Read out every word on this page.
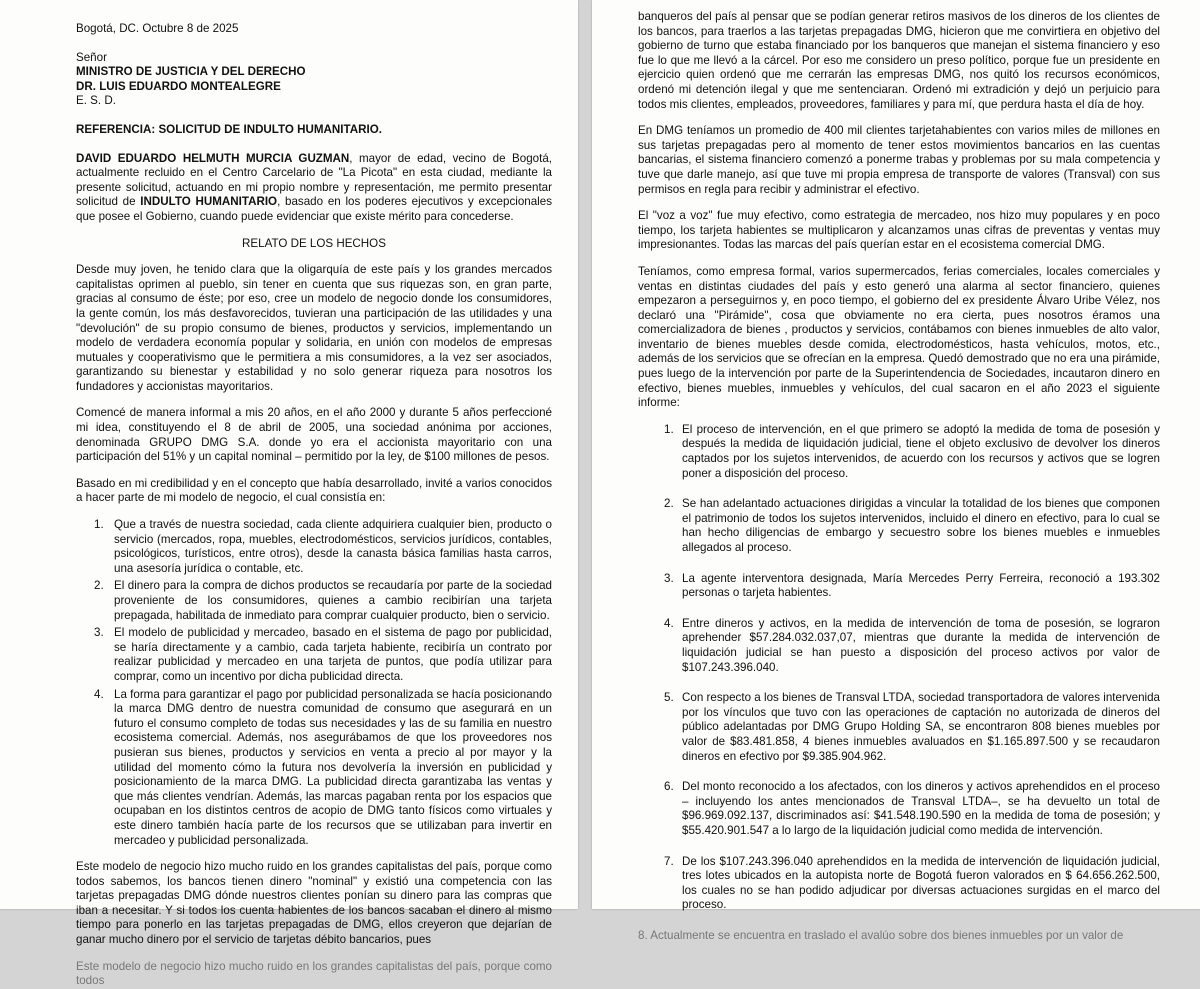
Bogotá, DC. Octubre 8 de 2025
Señor
MINISTRO DE JUSTICIA Y DEL DERECHO
DR. LUIS EDUARDO MONTEALEGRE
E. S. D.
REFERENCIA: SOLICITUD DE INDULTO HUMANITARIO.

DAVID EDUARDO HELMUTH MURCIA GUZMAN, mayor de edad, vecino de Bogotá, actualmente recluido en el Centro Carcelario de "La Picota" en esta ciudad, mediante la presente solicitud, actuando en mi propio nombre y representación, me permito presentar solicitud de INDULTO HUMANITARIO, basado en los poderes ejecutivos y excepcionales que posee el Gobierno, cuando puede evidenciar que existe mérito para concederse.

RELATO DE LOS HECHOS

Desde muy joven, he tenido clara que la oligarquía de este país y los grandes mercados capitalistas oprimen al pueblo, sin tener en cuenta que sus riquezas son, en gran parte, gracias al consumo de éste; por eso, cree un modelo de negocio donde los consumidores, la gente común, los más desfavorecidos, tuvieran una participación de las utilidades y una "devolución" de su propio consumo de bienes, productos y servicios, implementando un modelo de verdadera economía popular y solidaria, en unión con modelos de empresas mutuales y cooperativismo que le permitiera a mis consumidores, a la vez ser asociados, garantizando su bienestar y estabilidad y no solo generar riqueza para nosotros los fundadores y accionistas mayoritarios.

Comencé de manera informal a mis 20 años, en el año 2000 y durante 5 años perfeccioné mi idea, constituyendo el 8 de abril de 2005, una sociedad anónima por acciones, denominada GRUPO DMG S.A. donde yo era el accionista mayoritario con una participación del 51% y un capital nominal – permitido por la ley, de $100 millones de pesos.

Basado en mi credibilidad y en el concepto que había desarrollado, invité a varios conocidos a hacer parte de mi modelo de negocio, el cual consistía en:

1. Que a través de nuestra sociedad, cada cliente adquiriera cualquier bien, producto o servicio (mercados, ropa, muebles, electrodomésticos, servicios jurídicos, contables, psicológicos, turísticos, entre otros), desde la canasta básica familias hasta carros, una asesoría jurídica o contable, etc.
2. El dinero para la compra de dichos productos se recaudaría por parte de la sociedad proveniente de los consumidores, quienes a cambio recibirían una tarjeta prepagada, habilitada de inmediato para comprar cualquier producto, bien o servicio.
3. El modelo de publicidad y mercadeo, basado en el sistema de pago por publicidad, se haría directamente y a cambio, cada tarjeta habiente, recibiría un contrato por realizar publicidad y mercadeo en una tarjeta de puntos, que podía utilizar para comprar, como un incentivo por dicha publicidad directa.
4. La forma para garantizar el pago por publicidad personalizada se hacía posicionando la marca DMG dentro de nuestra comunidad de consumo que asegurará en un futuro el consumo completo de todas sus necesidades y las de su familia en nuestro ecosistema comercial. Además, nos asegurábamos de que los proveedores nos pusieran sus bienes, productos y servicios en venta a precio al por mayor y la utilidad del momento cómo la futura nos devolvería la inversión en publicidad y posicionamiento de la marca DMG. La publicidad directa garantizaba las ventas y que más clientes vendrían. Además, las marcas pagaban renta por los espacios que ocupaban en los distintos centros de acopio de DMG tanto físicos como virtuales y este dinero también hacía parte de los recursos que se utilizaban para invertir en mercadeo y publicidad personalizada.

Este modelo de negocio hizo mucho ruido en los grandes capitalistas del país, porque como todos sabemos, los bancos tienen dinero "nominal" y existió una competencia con las tarjetas prepagadas DMG dónde nuestros clientes ponían su dinero para las compras que iban a necesitar. Y si todos los cuenta habientes de los bancos sacaban el dinero al mismo tiempo para ponerlo en las tarjetas prepagadas de DMG, ellos creyeron que dejarían de ganar mucho dinero por el servicio de tarjetas débito bancarios, pues

Este modelo de negocio hizo mucho ruido en los grandes capitalistas del país, porque como todos

banqueros del país al pensar que se podían generar retiros masivos de los dineros de los clientes de los bancos, para traerlos a las tarjetas prepagadas DMG, hicieron que me convirtiera en objetivo del gobierno de turno que estaba financiado por los banqueros que manejan el sistema financiero y eso fue lo que me llevó a la cárcel. Por eso me considero un preso político, porque fue un presidente en ejercicio quien ordenó que me cerrarán las empresas DMG, nos quitó los recursos económicos, ordenó mi detención ilegal y que me sentenciaran. Ordenó mi extradición y dejó un perjuicio para todos mis clientes, empleados, proveedores, familiares y para mí, que perdura hasta el día de hoy.

En DMG teníamos un promedio de 400 mil clientes tarjetahabientes con varios miles de millones en sus tarjetas prepagadas pero al momento de tener estos movimientos bancarios en las cuentas bancarias, el sistema financiero comenzó a ponerme trabas y problemas por su mala competencia y tuve que darle manejo, así que tuve mi propia empresa de transporte de valores (Transval) con sus permisos en regla para recibir y administrar el efectivo.

El "voz a voz" fue muy efectivo, como estrategia de mercadeo, nos hizo muy populares y en poco tiempo, los tarjeta habientes se multiplicaron y alcanzamos unas cifras de preventas y ventas muy impresionantes. Todas las marcas del país querían estar en el ecosistema comercial DMG.

Teníamos, como empresa formal, varios supermercados, ferias comerciales, locales comerciales y ventas en distintas ciudades del país y esto generó una alarma al sector financiero, quienes empezaron a perseguirnos y, en poco tiempo, el gobierno del ex presidente Álvaro Uribe Vélez, nos declaró una "Pirámide", cosa que obviamente no era cierta, pues nosotros éramos una comercializadora de bienes , productos y servicios, contábamos con bienes inmuebles de alto valor, inventario de bienes muebles desde comida, electrodomésticos, hasta vehículos, motos, etc., además de los servicios que se ofrecían en la empresa. Quedó demostrado que no era una pirámide, pues luego de la intervención por parte de la Superintendencia de Sociedades, incautaron dinero en efectivo, bienes muebles, inmuebles y vehículos, del cual sacaron en el año 2023 el siguiente informe:

1. El proceso de intervención, en el que primero se adoptó la medida de toma de posesión y después la medida de liquidación judicial, tiene el objeto exclusivo de devolver los dineros captados por los sujetos intervenidos, de acuerdo con los recursos y activos que se logren poner a disposición del proceso.
2. Se han adelantado actuaciones dirigidas a vincular la totalidad de los bienes que componen el patrimonio de todos los sujetos intervenidos, incluido el dinero en efectivo, para lo cual se han hecho diligencias de embargo y secuestro sobre los bienes muebles e inmuebles allegados al proceso.
3. La agente interventora designada, María Mercedes Perry Ferreira, reconoció a 193.302 personas o tarjeta habientes.
4. Entre dineros y activos, en la medida de intervención de toma de posesión, se lograron aprehender $57.284.032.037,07, mientras que durante la medida de intervención de liquidación judicial se han puesto a disposición del proceso activos por valor de $107.243.396.040.
5. Con respecto a los bienes de Transval LTDA, sociedad transportadora de valores intervenida por los vínculos que tuvo con las operaciones de captación no autorizada de dineros del público adelantadas por DMG Grupo Holding SA, se encontraron 808 bienes muebles por valor de $83.481.858, 4 bienes inmuebles avaluados en $1.165.897.500 y se recaudaron dineros en efectivo por $9.385.904.962.
6. Del monto reconocido a los afectados, con los dineros y activos aprehendidos en el proceso – incluyendo los antes mencionados de Transval LTDA–, se ha devuelto un total de $96.969.092.137, discriminados así: $41.548.190.590 en la medida de toma de posesión; y $55.420.901.547 a lo largo de la liquidación judicial como medida de intervención.
7. De los $107.243.396.040 aprehendidos en la medida de intervención de liquidación judicial, tres lotes ubicados en la autopista norte de Bogotá fueron valorados en $ 64.656.262.500, los cuales no se han podido adjudicar por diversas actuaciones surgidas en el marco del proceso.

8. Actualmente se encuentra en traslado el avalúo sobre dos bienes inmuebles por un valor de
